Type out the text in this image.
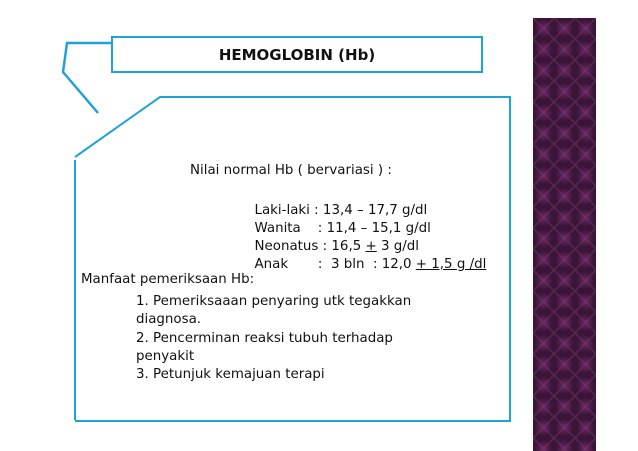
HEMOGLOBIN (Hb)
Nilai normal Hb ( bervariasi ) :

Laki-laki : 13,4 – 17,7 g/dl

Wanita    : 11,4 – 15,1 g/dl

Neonatus : 16,5 + 3 g/dl

Anak       :  3 bln  : 12,0 + 1,5 g /dl

Manfaat pemeriksaan Hb:
1. Pemeriksaaan penyaring utk tegakkan
diagnosa.
2. Pencerminan reaksi tubuh terhadap
penyakit
3. Petunjuk kemajuan terapi
